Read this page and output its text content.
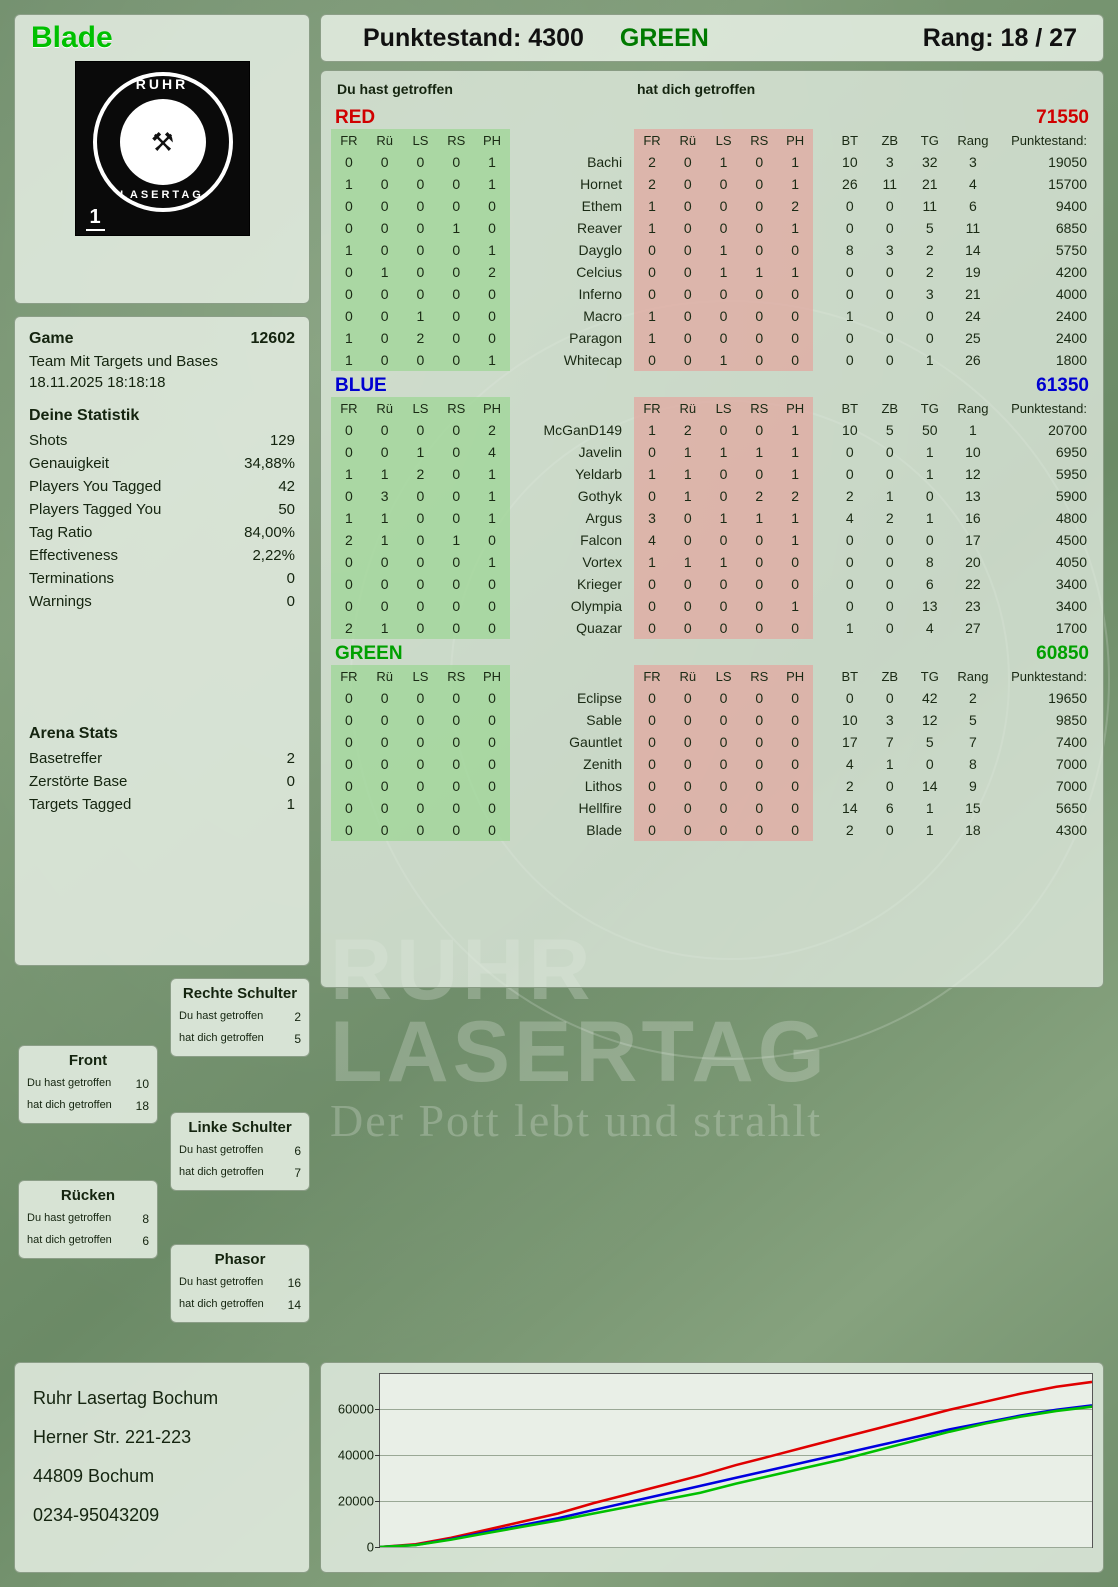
LASERTAG
Der Pott lebt und strahlt
Blade
⚒
RUHR
LASERTAG
1
Punktestand: 4300 GREEN	Rang: 18 / 27
Game	12602
Team Mit Targets und Bases
18.11.2025 18:18:18
Deine Statistik
Shots	129
Genauigkeit	34,88%
Players You Tagged	42
Players Tagged You	50
Tag Ratio	84,00%
Effectiveness	2,22%
Terminations	0
Warnings	0
Arena Stats
Basetreffer	2
Zerstörte Base	0
Targets Tagged	1
Rechte Schulter
Du hast getroffen	2
hat dich getroffen	5
Front
Du hast getroffen 10
hat dich getroffen 18
Linke Schulter
Du hast getroffen	6
hat dich getroffen	7
Rücken
Du hast getroffen	8
hat dich getroffen	6
Phasor
Du hast getroffen 16
hat dich getroffen 14
Ruhr Lasertag Bochum
Herner Str. 221-223
44809 Bochum
0234-95043209
Du hast getroffen	hat dich getroffen
RED	71550
FR	Rü	LS	RS	PH		FR	Rü	LS	RS	PH		BT	ZB	TG	Rang	Punktestand:
0	0	0	0	1	Bachi	2	0	1	0	1		10	3	32	3	19050
1	0	0	0	1	Hornet	2	0	0	0	1		26	11	21	4	15700
0	0	0	0	0	Ethem	1	0	0	0	2		0	0	11	6	9400
0	0	0	1	0	Reaver	1	0	0	0	1		0	0	5	11	6850
1	0	0	0	1	Dayglo	0	0	1	0	0		8	3	2	14	5750
0	1	0	0	2	Celcius	0	0	1	1	1		0	0	2	19	4200
0	0	0	0	0	Inferno	0	0	0	0	0		0	0	3	21	4000
0	0	1	0	0	Macro	1	0	0	0	0		1	0	0	24	2400
1	0	2	0	0	Paragon	1	0	0	0	0		0	0	0	25	2400
1	0	0	0	1	Whitecap	0	0	1	0	0		0	0	1	26	1800
BLUE	61350
FR	Rü	LS	RS	PH		FR	Rü	LS	RS	PH		BT	ZB	TG	Rang	Punktestand:
0	0	0	0	2	McGanD149	1	2	0	0	1		10	5	50	1	20700
0	0	1	0	4	Javelin	0	1	1	1	1		0	0	1	10	6950
1	1	2	0	1	Yeldarb	1	1	0	0	1		0	0	1	12	5950
0	3	0	0	1	Gothyk	0	1	0	2	2		2	1	0	13	5900
1	1	0	0	1	Argus	3	0	1	1	1		4	2	1	16	4800
2	1	0	1	0	Falcon	4	0	0	0	1		0	0	0	17	4500
0	0	0	0	1	Vortex	1	1	1	0	0		0	0	8	20	4050
0	0	0	0	0	Krieger	0	0	0	0	0		0	0	6	22	3400
0	0	0	0	0	Olympia	0	0	0	0	1		0	0	13	23	3400
2	1	0	0	0	Quazar	0	0	0	0	0		1	0	4	27	1700
GREEN	60850
FR	Rü	LS	RS	PH		FR	Rü	LS	RS	PH		BT	ZB	TG	Rang	Punktestand:
0	0	0	0	0	Eclipse	0	0	0	0	0		0	0	42	2	19650
0	0	0	0	0	Sable	0	0	0	0	0		10	3	12	5	9850
0	0	0	0	0	Gauntlet	0	0	0	0	0		17	7	5	7	7400
0	0	0	0	0	Zenith	0	0	0	0	0		4	1	0	8	7000
0	0	0	0	0	Lithos	0	0	0	0	0		2	0	14	9	7000
0	0	0	0	0	Hellfire	0	0	0	0	0		14	6	1	15	5650
0	0	0	0	0	Blade	0	0	0	0	0		2	0	1	18	4300
0
20000
40000
60000
